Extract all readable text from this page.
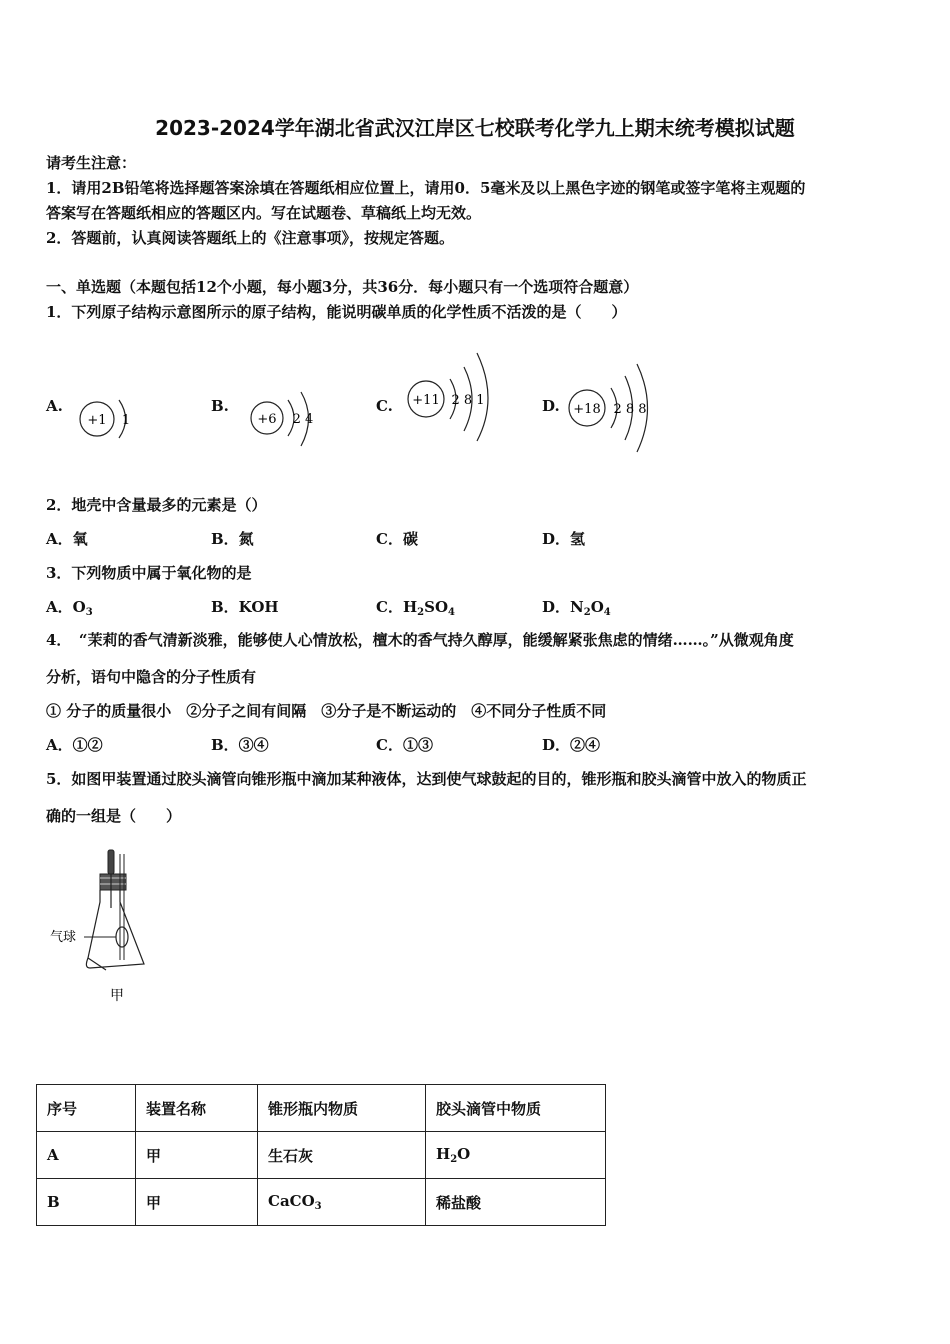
2023-2024学年湖北省武汉江岸区七校联考化学九上期末统考模拟试题
请考生注意：
1．请用2B铅笔将选择题答案涂填在答题纸相应位置上，请用0．5毫米及以上黑色字迹的钢笔或签字笔将主观题的
答案写在答题纸相应的答题区内。写在试题卷、草稿纸上均无效。
2．答题前，认真阅读答题纸上的《注意事项》，按规定答题。
一、单选题（本题包括12个小题，每小题3分，共36分．每小题只有一个选项符合题意）
1．下列原子结构示意图所示的原子结构，能说明碳单质的化学性质不活泼的是（　　）
A.
+1 1
B.
+6 2 4
C. +11 2 8 1	D. +18 2 8 8
2．地壳中含量最多的元素是（）
A．氧	B．氮	C．碳	D．氢
3．下列物质中属于氧化物的是
A．$O_3$	B．KOH	C．$H_2SO_4$	D．$N_2O_4$
4．　“茉莉的香气清新淡雅，能够使人心情放松，檀木的香气持久醇厚，能缓解紧张焦虑的情绪……。”从微观角度
分析，语句中隐含的分子性质有
① 分子的质量很小　②分子之间有间隔　③分子是不断运动的　④不同分子性质不同
A．①②	B．③④	C．①③	D．②④
5．如图甲装置通过胶头滴管向锥形瓶中滴加某种液体，达到使气球鼓起的目的，锥形瓶和胶头滴管中放入的物质正
确的一组是（　　）
气球
甲
序号	装置名称	锥形瓶内物质	胶头滴管中物质
A	甲	生石灰	$H_2O$
B	甲	CaCO$_3$	稀盐酸
